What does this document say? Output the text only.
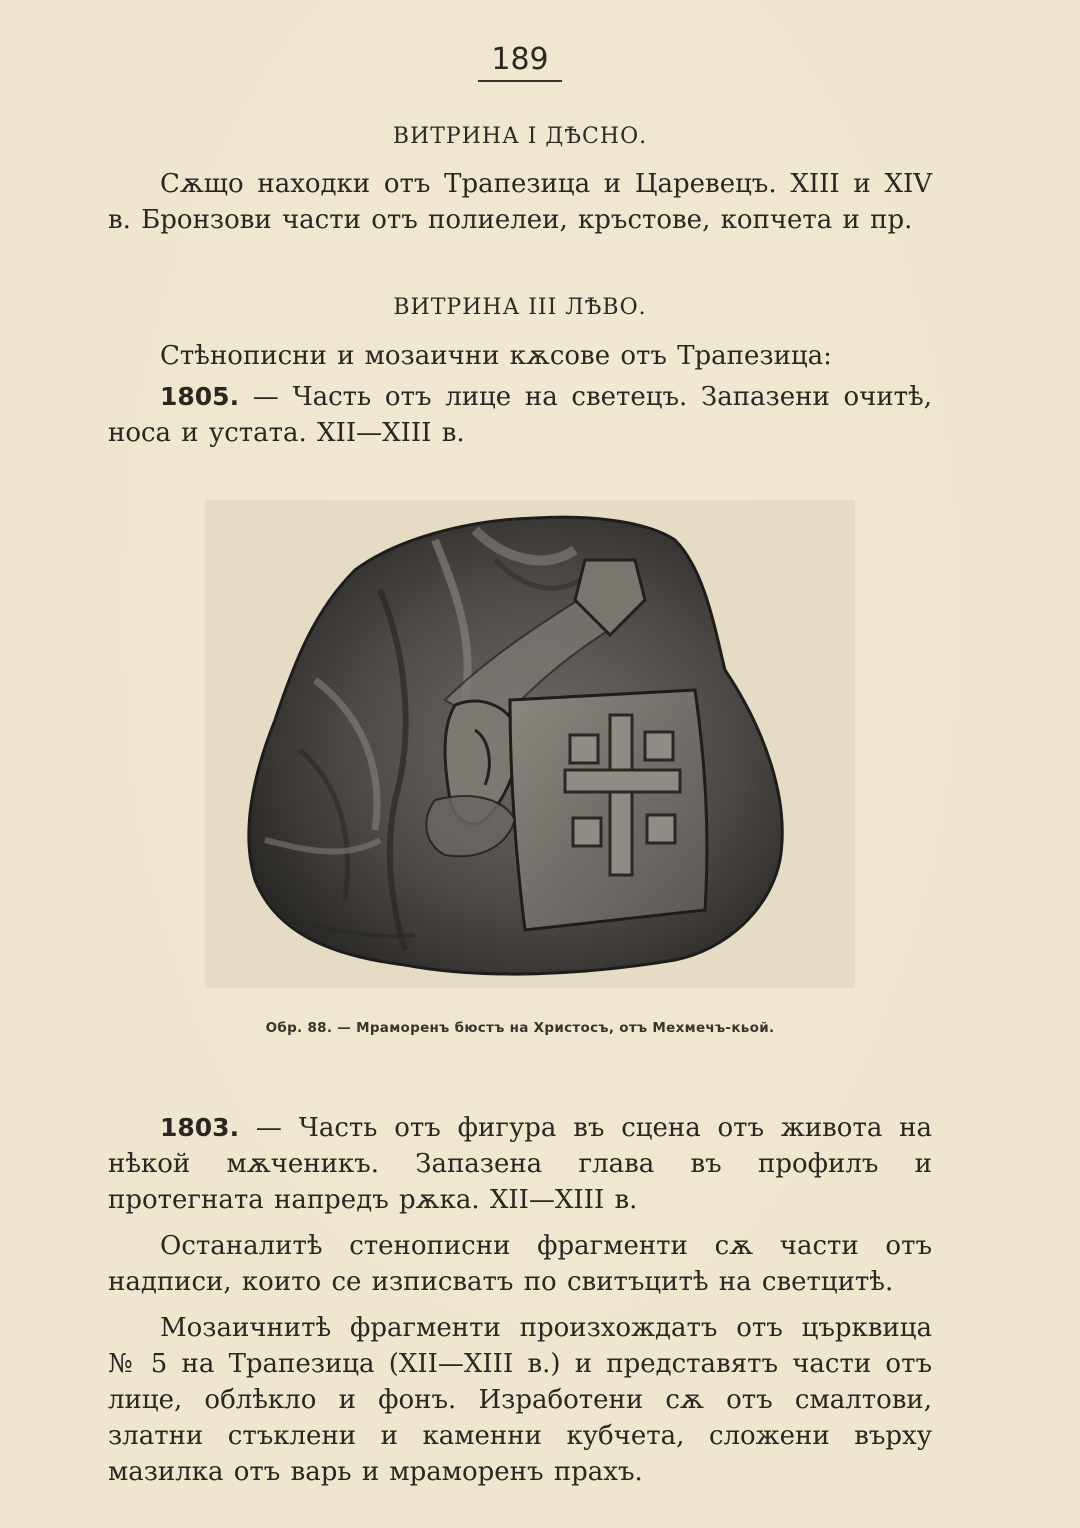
189
ВИТРИНА I ДѢСНО.
Сѫщо находки отъ Трапезица и Царевецъ. XIII и XIV в. Бронзови части отъ полиелеи, кръстове, копчета и пр.
ВИТРИНА III ЛѢВО.
Стѣнописни и мозаични кѫсове отъ Трапезица:
1805. — Часть отъ лице на светецъ. Запазени очитѣ, носа и устата. XII—XIII в.
Обр. 88. — Мраморенъ бюстъ на Христосъ, отъ Мехмечъ-кьой.
1803. — Часть отъ фигура въ сцена отъ живота на нѣкой мѫченикъ. Запазена глава въ профилъ и протегната напредъ рѫка. XII—XIII в.
Останалитѣ стенописни фрагменти сѫ части отъ надписи, които се изписватъ по свитъцитѣ на светцитѣ.
Мозаичнитѣ фрагменти произхождатъ отъ църквица № 5 на Трапезица (XII—XIII в.) и представятъ части отъ лице, облѣкло и фонъ. Изработени сѫ отъ смалтови, златни стъклени и каменни кубчета, сложени върху мазилка отъ варь и мраморенъ прахъ.
